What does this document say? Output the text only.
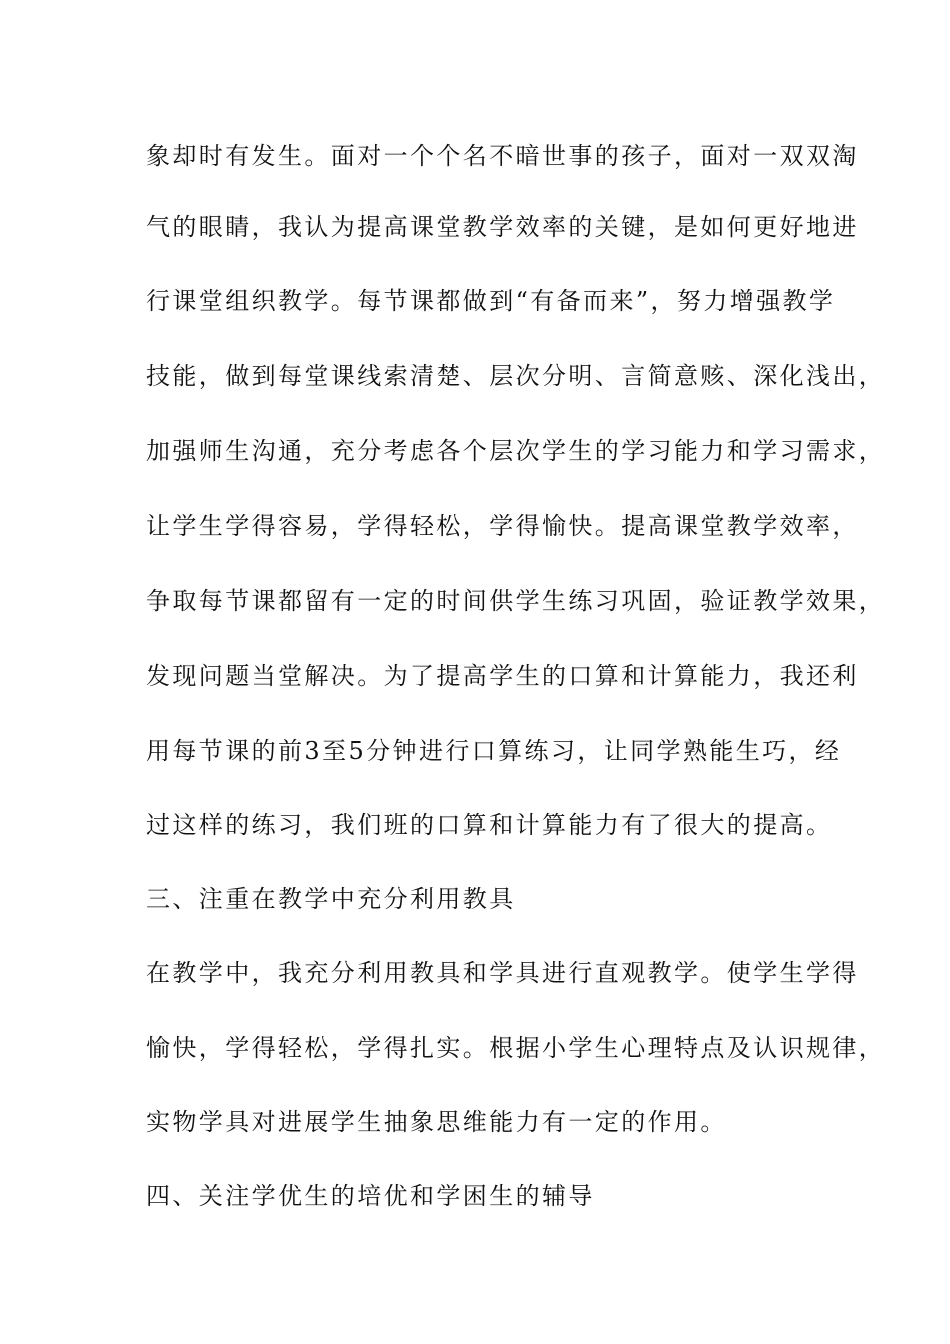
象却时有发生。面对一个个名不暗世事的孩子，面对一双双淘
气的眼睛，我认为提高课堂教学效率的关键，是如何更好地进
行课堂组织教学。每节课都做到“有备而来”，努力增强教学
技能，做到每堂课线索清楚、层次分明、言简意赅、深化浅出，
加强师生沟通，充分考虑各个层次学生的学习能力和学习需求，
让学生学得容易，学得轻松，学得愉快。提高课堂教学效率，
争取每节课都留有一定的时间供学生练习巩固，验证教学效果，
发现问题当堂解决。为了提高学生的口算和计算能力，我还利
用每节课的前3至5分钟进行口算练习，让同学熟能生巧，经
过这样的练习，我们班的口算和计算能力有了很大的提高。
三、注重在教学中充分利用教具
在教学中，我充分利用教具和学具进行直观教学。使学生学得
愉快，学得轻松，学得扎实。根据小学生心理特点及认识规律，
实物学具对进展学生抽象思维能力有一定的作用。
四、关注学优生的培优和学困生的辅导
